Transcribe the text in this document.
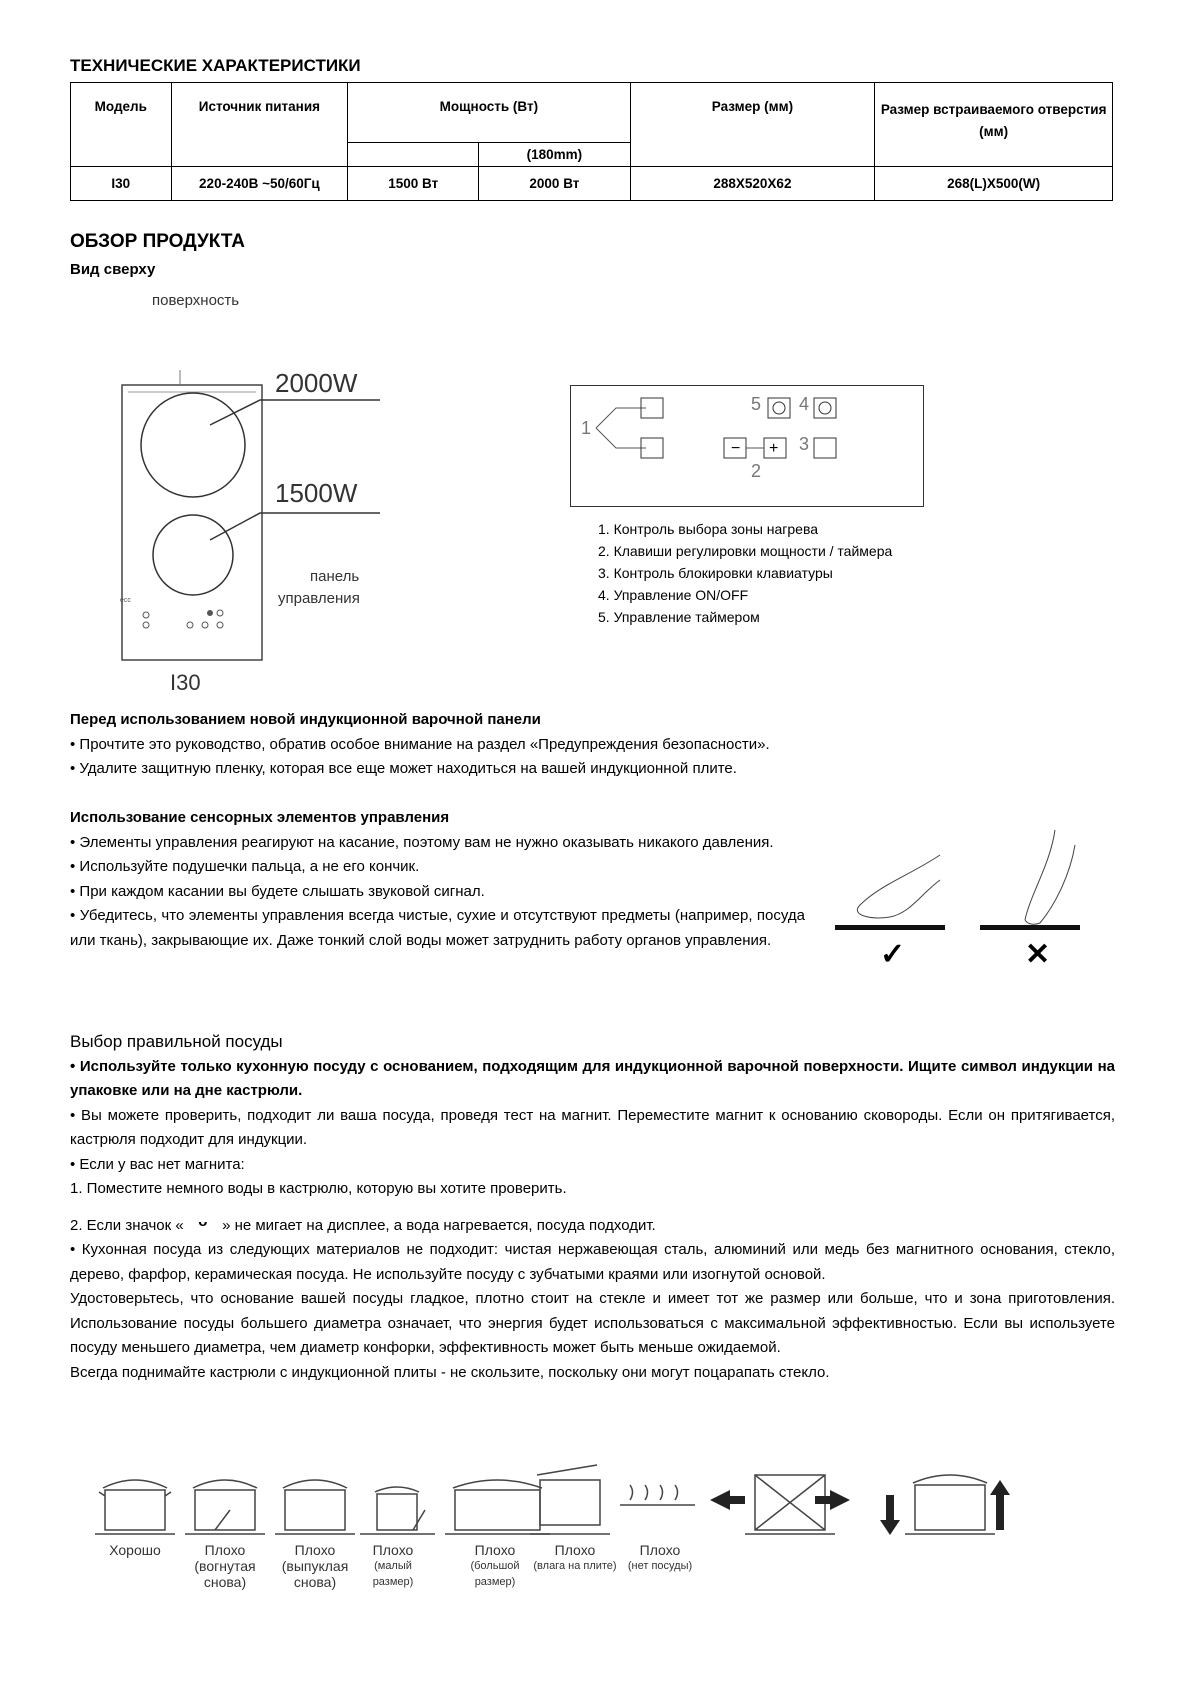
ТЕХНИЧЕСКИЕ ХАРАКТЕРИСТИКИ
Модель	Источник питания	Мощность (Вт)		Размер (мм)	Размер встраиваемого отверстия (мм)
			(180mm)		
I30	220-240В ~50/60Гц	1500 Вт	2000 Вт	288X520X62	268(L)X500(W)
ОБЗОР ПРОДУКТА
Вид сверху
поверхность
2000W
1500W
панель
управления
ecc
I30
− +
1
2
3
4
5
1. Контроль выбора зоны нагрева
2. Клавиши регулировки мощности / таймера
3. Контроль блокировки клавиатуры
4. Управление ON/OFF
5. Управление таймером
Перед использованием новой индукционной варочной панели
• Прочтите это руководство, обратив особое внимание на раздел «Предупреждения безопасности».
• Удалите защитную пленку, которая все еще может находиться на вашей индукционной плите.
Использование сенсорных элементов управления
• Элементы управления реагируют на касание, поэтому вам не нужно оказывать никакого давления.
• Используйте подушечки пальца, а не его кончик.
• При каждом касании вы будете слышать звуковой сигнал.
• Убедитесь, что элементы управления всегда чистые, сухие и отсутствуют предметы (например, посуда или ткань), закрывающие их. Даже тонкий слой воды может затруднить работу органов управления.	✓	✕
Выбор правильной посуды
• Используйте только кухонную посуду с основанием, подходящим для индукционной варочной поверхности. Ищите символ индукции на упаковке или на дне кастрюли.
• Вы можете проверить, подходит ли ваша посуда, проведя тест на магнит. Переместите магнит к основанию сковороды. Если он притягивается, кастрюля подходит для индукции.
• Если у вас нет магнита:
1. Поместите немного воды в кастрюлю, которую вы хотите проверить.
2. Если значок « ᴗ » не мигает на дисплее, а вода нагревается, посуда подходит.
• Кухонная посуда из следующих материалов не подходит: чистая нержавеющая сталь, алюминий или медь без магнитного основания, стекло, дерево, фарфор, керамическая посуда. Не используйте посуду с зубчатыми краями или изогнутой основой.
Удостоверьтесь, что основание вашей посуды гладкое, плотно стоит на стекле и имеет тот же размер или больше, что и зона приготовления. Использование посуды большего диаметра означает, что энергия будет использоваться с максимальной эффективностью. Если вы используете посуду меньшего диаметра, чем диаметр конфорки, эффективность может быть меньше ожидаемой.
Всегда поднимайте кастрюли с индукционной плиты - не скользите, поскольку они могут поцарапать стекло.
Хорошо	Плохо
(вогнутая
снова)
Плохо
(выпуклая
снова)
Плохо
(малый
размер)
Плохо
(большой
размер)
Плохо
(влага на плите)
Плохо
(нет посуды)
